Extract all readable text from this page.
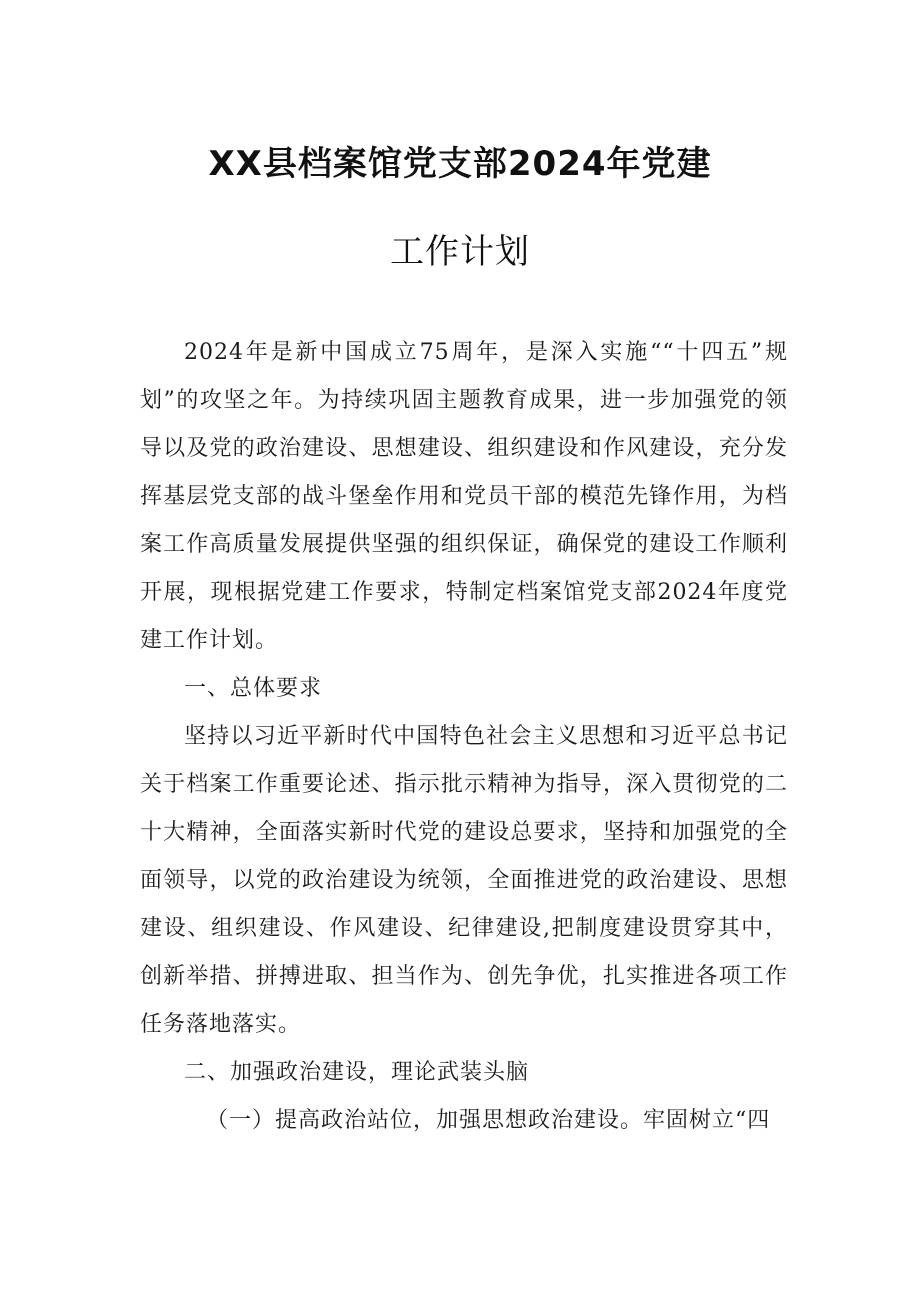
XX县档案馆党支部2024年党建
工作计划

2024年是新中国成立75周年，是深入实施““十四五”规划”的攻坚之年。为持续巩固主题教育成果，进一步加强党的领导以及党的政治建设、思想建设、组织建设和作风建设，充分发挥基层党支部的战斗堡垒作用和党员干部的模范先锋作用，为档案工作高质量发展提供坚强的组织保证，确保党的建设工作顺利开展，现根据党建工作要求，特制定档案馆党支部2024年度党建工作计划。

一、总体要求

坚持以习近平新时代中国特色社会主义思想和习近平总书记关于档案工作重要论述、指示批示精神为指导，深入贯彻党的二十大精神，全面落实新时代党的建设总要求，坚持和加强党的全面领导，以党的政治建设为统领，全面推进党的政治建设、思想建设、组织建设、作风建设、纪律建设,把制度建设贯穿其中，创新举措、拼搏进取、担当作为、创先争优，扎实推进各项工作任务落地落实。

二、加强政治建设，理论武装头脑

（一）提高政治站位，加强思想政治建设。牢固树立“四
